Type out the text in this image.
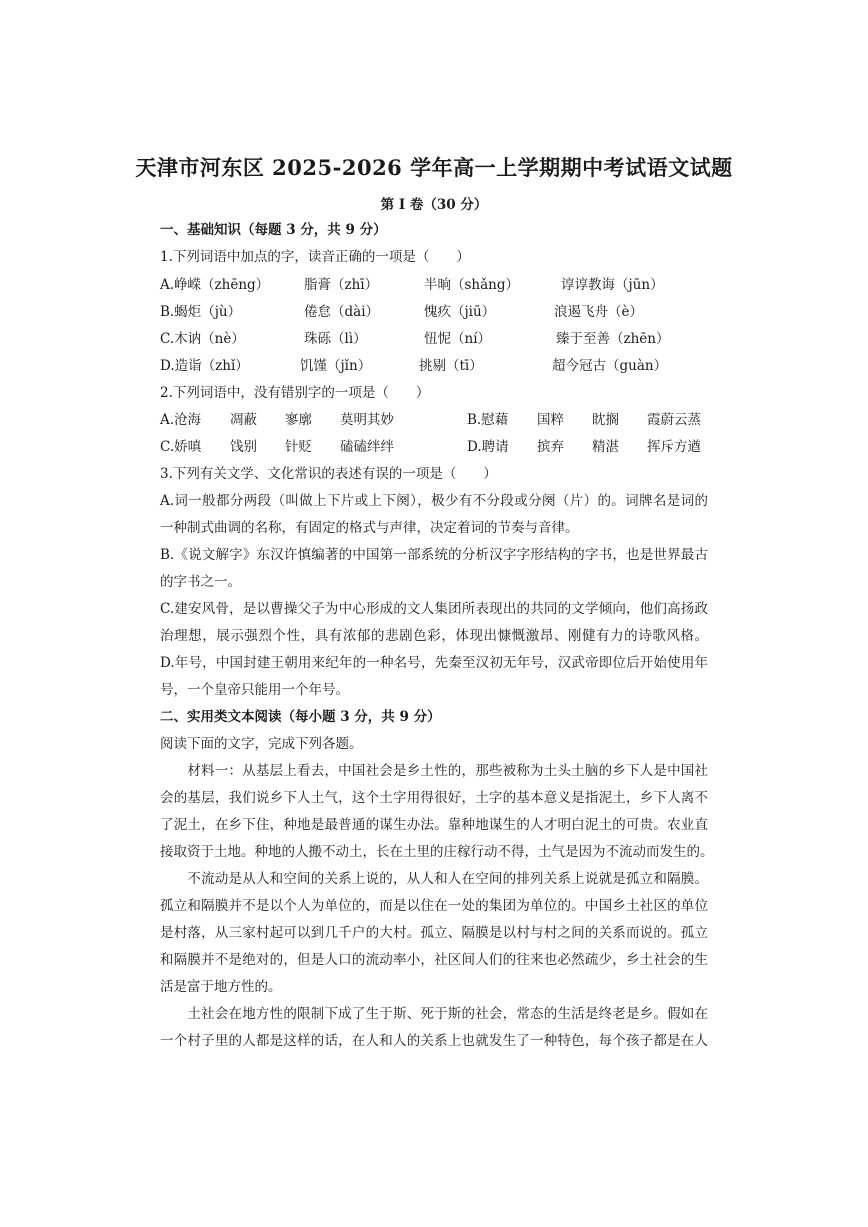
天津市河东区 2025-2026 学年高一上学期期中考试语文试题
第 I 卷（30 分）
一、基础知识（每题 3 分，共 9 分）
1.下列词语中加点的字，读音正确的一项是（　　）
A.峥嵘（zhēng）	脂膏（zhī）	半晌（shǎng）	谆谆教诲（jūn）
B.蝎炬（jù）	倦怠（dài）	愧疚（jiū）	浪遏飞舟（è）
C.木讷（nè）	珠砾（lì）	忸怩（ní）	臻于至善（zhēn）
D.造诣（zhǐ）	饥馑（jǐn）	挑剔（tī）	超今冠古（guàn）
2.下列词语中，没有错别字的一项是（　　）
A.沧海 凋蔽 寥廓 莫明其妙	B.慰藉 国粹 眈搁 霞蔚云蒸
C.娇嗔 饯别 针贬 磕磕绊绊	D.聘请 摈弃 精湛 挥斥方遒
3.下列有关文学、文化常识的表述有误的一项是（　　）
A.词一般都分两段（叫做上下片或上下阕），极少有不分段或分阕（片）的。词牌名是词的
一种制式曲调的名称，有固定的格式与声律，决定着词的节奏与音律。
B.《说文解字》东汉许慎编著的中国第一部系统的分析汉字字形结构的字书，也是世界最古
的字书之一。
C.建安风骨，是以曹操父子为中心形成的文人集团所表现出的共同的文学倾向，他们高扬政
治理想，展示强烈个性，具有浓郁的悲剧色彩，体现出慷慨激昂、刚健有力的诗歌风格。
D.年号，中国封建王朝用来纪年的一种名号，先秦至汉初无年号，汉武帝即位后开始使用年
号，一个皇帝只能用一个年号。
二、实用类文本阅读（每小题 3 分，共 9 分）
阅读下面的文字，完成下列各题。
　　材料一：从基层上看去，中国社会是乡土性的，那些被称为土头土脑的乡下人是中国社
会的基层，我们说乡下人土气，这个土字用得很好，土字的基本意义是指泥土，乡下人离不
了泥土，在乡下住，种地是最普通的谋生办法。靠种地谋生的人才明白泥土的可贵。农业直
接取资于土地。种地的人搬不动土，长在土里的庄稼行动不得，土气是因为不流动而发生的。
　　不流动是从人和空间的关系上说的，从人和人在空间的排列关系上说就是孤立和隔膜。
孤立和隔膜并不是以个人为单位的，而是以住在一处的集团为单位的。中国乡土社区的单位
是村落，从三家村起可以到几千户的大村。孤立、隔膜是以村与村之间的关系而说的。孤立
和隔膜并不是绝对的，但是人口的流动率小，社区间人们的往来也必然疏少，乡土社会的生
活是富于地方性的。
　　土社会在地方性的限制下成了生于斯、死于斯的社会，常态的生活是终老是乡。假如在
一个村子里的人都是这样的话，在人和人的关系上也就发生了一种特色，每个孩子都是在人
